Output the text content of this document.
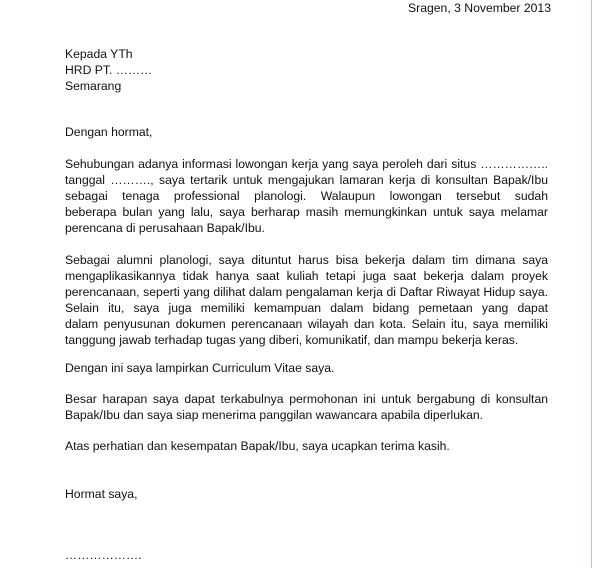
Sragen, 3 November 2013
Kepada YTh
HRD PT. ………
Semarang
Dengan hormat,
Sehubungan adanya informasi lowongan kerja yang saya peroleh dari situs ……………..
tanggal ………., saya tertarik untuk mengajukan lamaran kerja di konsultan Bapak/Ibu
sebagai tenaga professional planologi. Walaupun lowongan tersebut sudah
beberapa bulan yang lalu, saya berharap masih memungkinkan untuk saya melamar
perencana di perusahaan Bapak/Ibu.
Sebagai alumni planologi, saya dituntut harus bisa bekerja dalam tim dimana saya
mengaplikasikannya tidak hanya saat kuliah tetapi juga saat bekerja dalam proyek
perencanaan, seperti yang dilihat dalam pengalaman kerja di Daftar Riwayat Hidup saya.
Selain itu, saya juga memiliki kemampuan dalam bidang pemetaan yang dapat
dalam penyusunan dokumen perencanaan wilayah dan kota. Selain itu, saya memiliki
tanggung jawab terhadap tugas yang diberi, komunikatif, dan mampu bekerja keras.
Dengan ini saya lampirkan Curriculum Vitae saya.
Besar harapan saya dapat terkabulnya permohonan ini untuk bergabung di konsultan
Bapak/Ibu dan saya siap menerima panggilan wawancara apabila diperlukan.
Atas perhatian dan kesempatan Bapak/Ibu, saya ucapkan terima kasih.
Hormat saya,
……………….
